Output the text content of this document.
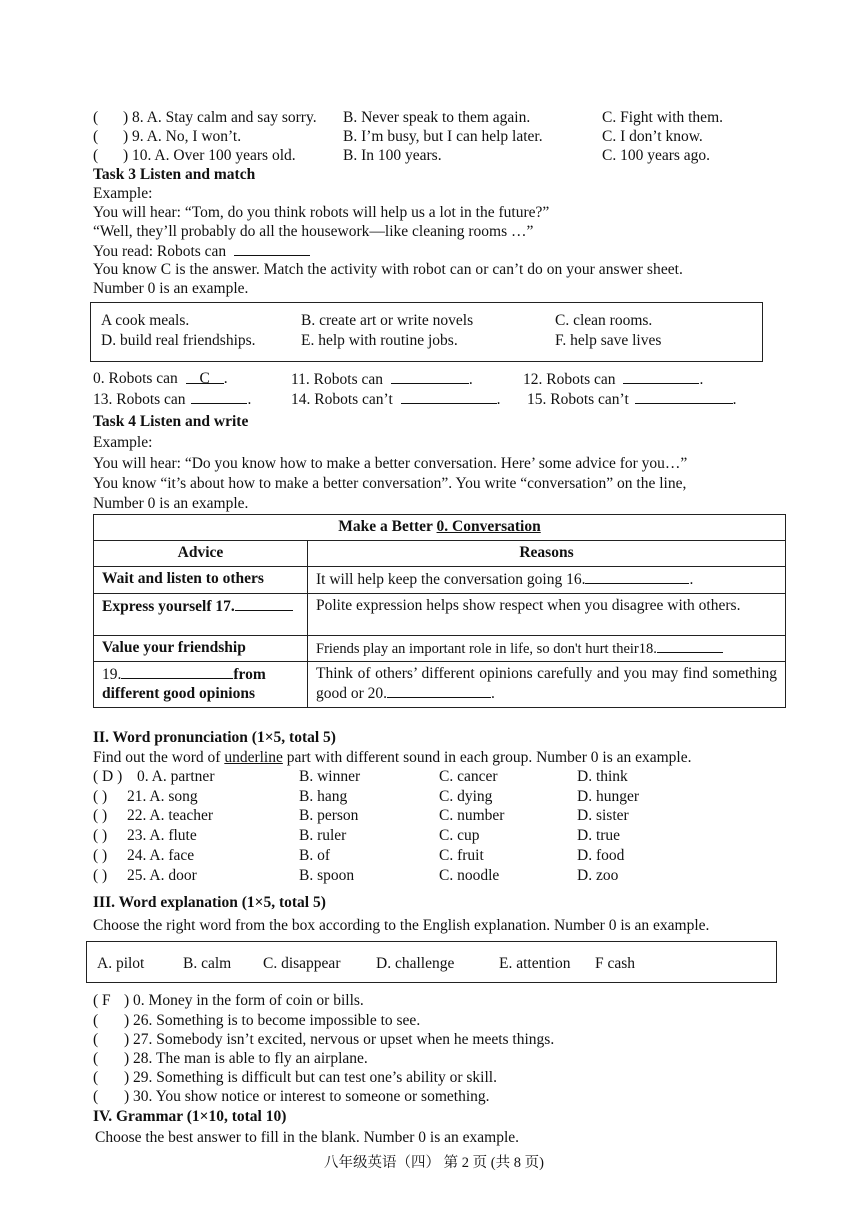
( ) 8. A. Stay calm and say sorry. B. Never speak to them again.	C. Fight with them.
( ) 9. A. No, I won’t.	B. I’m busy, but I can help later.	C. I don’t know.
( ) 10. A. Over 100 years old.	B. In 100 years.	C. 100 years ago.
Task 3 Listen and match
Example:
You will hear: “Tom, do you think robots will help us a lot in the future?”
“Well, they’ll probably do all the housework—like cleaning rooms …”
You read: Robots can
You know C is the answer. Match the activity with robot can or can’t do on your answer sheet.
Number 0 is an example.
A cook meals.	B. create art or write novels	C. clean rooms.
D. build real friendships.	E. help with routine jobs.	F. help save lives
0. Robots can C .	11. Robots can	.	12. Robots can	.
13. Robots can	.	14. Robots can’t	. 15. Robots can’t	.
Task 4 Listen and write
Example:
You will hear: “Do you know how to make a better conversation. Here’ some advice for you…”
You know “it’s about how to make a better conversation”. You write “conversation” on the line,
Number 0 is an example.
Make a Better 0. Conversation	
Advice	Reasons
Wait and listen to others	It will help keep the conversation going 16. .
Express yourself 17.	Polite expression helps show respect when you disagree with others.
Value your friendship	Friends play an important role in life, so don't hurt their18.
19. from
different good opinions	Think of others’ different opinions carefully and you may find something good or 20. .
II. Word pronunciation (1×5, total 5)
Find out the word of underline part with different sound in each group. Number 0 is an example.
( D ) 0. A. partner	B. winner	C. cancer	D. think
( ) 21. A. song	B. hang	C. dying	D. hunger
( ) 22. A. teacher	B. person	C. number	D. sister
( ) 23. A. flute	B. ruler	C. cup	D. true
( ) 24. A. face	B. of	C. fruit	D. food
( ) 25. A. door	B. spoon	C. noodle	D. zoo
III. Word explanation (1×5, total 5)
Choose the right word from the box according to the English explanation. Number 0 is an example.
A. pilot B. calm C. disappear D. challenge	E. attention F cash
( F ) 0. Money in the form of coin or bills.
( ) 26. Something is to become impossible to see.
( ) 27. Somebody isn’t excited, nervous or upset when he meets things.
( ) 28. The man is able to fly an airplane.
( ) 29. Something is difficult but can test one’s ability or skill.
( ) 30. You show notice or interest to someone or something.
IV. Grammar (1×10, total 10)
Choose the best answer to fill in the blank. Number 0 is an example.
八年级英语（四） 第 2 页 (共 8 页)
